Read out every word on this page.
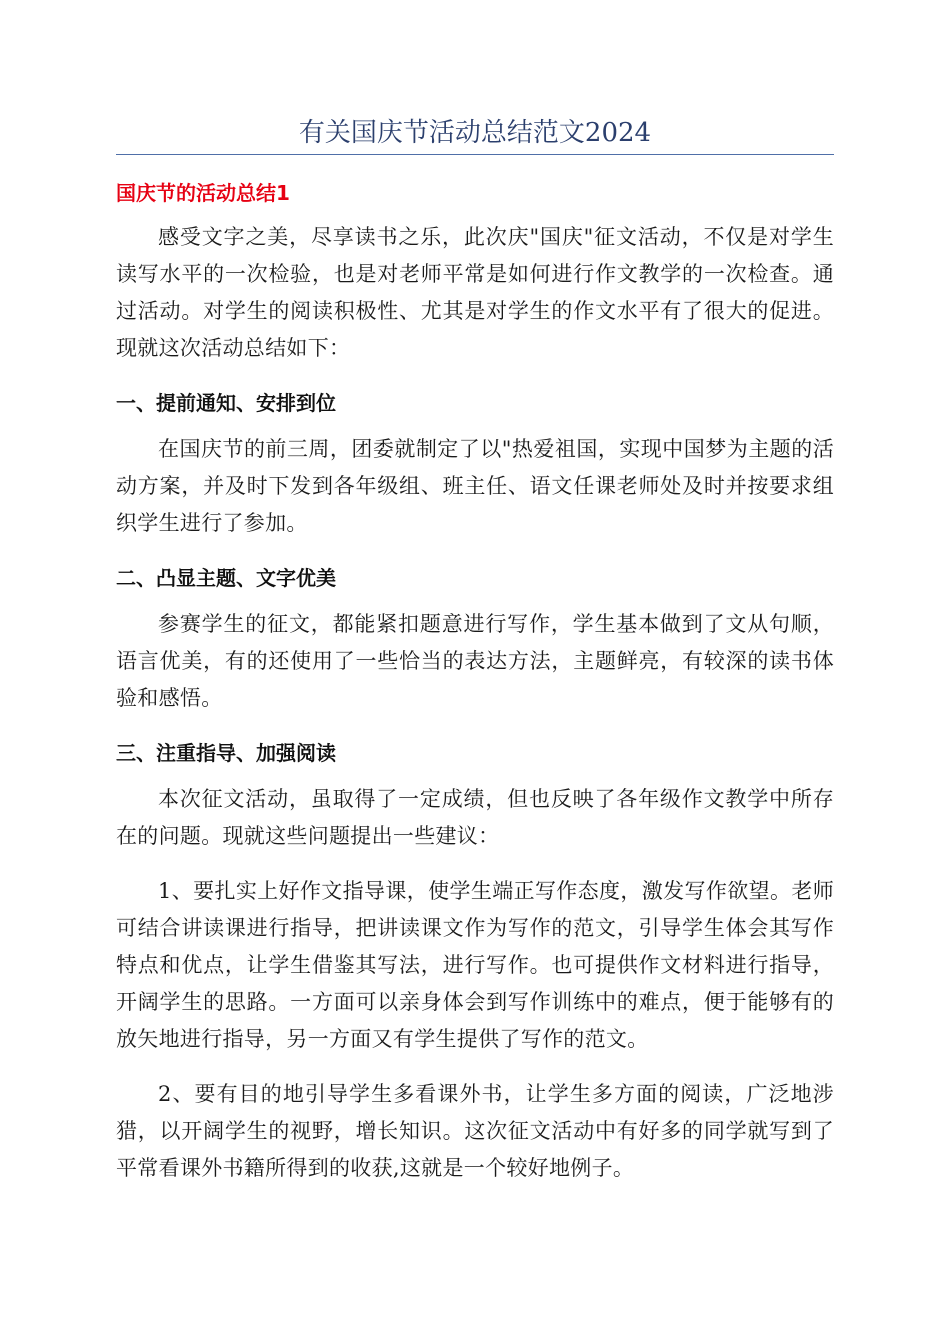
有关国庆节活动总结范文2024
国庆节的活动总结1

感受文字之美，尽享读书之乐，此次庆"国庆"征文活动，不仅是对学生读写水平的一次检验，也是对老师平常是如何进行作文教学的一次检查。通过活动。对学生的阅读积极性、尤其是对学生的作文水平有了很大的促进。现就这次活动总结如下：

一、提前通知、安排到位

在国庆节的前三周，团委就制定了以"热爱祖国，实现中国梦为主题的活动方案，并及时下发到各年级组、班主任、语文任课老师处及时并按要求组织学生进行了参加。

二、凸显主题、文字优美

参赛学生的征文，都能紧扣题意进行写作，学生基本做到了文从句顺，语言优美，有的还使用了一些恰当的表达方法，主题鲜亮，有较深的读书体验和感悟。

三、注重指导、加强阅读

本次征文活动，虽取得了一定成绩，但也反映了各年级作文教学中所存在的问题。现就这些问题提出一些建议：

1、要扎实上好作文指导课，使学生端正写作态度，激发写作欲望。老师可结合讲读课进行指导，把讲读课文作为写作的范文，引导学生体会其写作特点和优点，让学生借鉴其写法，进行写作。也可提供作文材料进行指导，开阔学生的思路。一方面可以亲身体会到写作训练中的难点，便于能够有的放矢地进行指导，另一方面又有学生提供了写作的范文。

2、要有目的地引导学生多看课外书，让学生多方面的阅读，广泛地涉猎，以开阔学生的视野，增长知识。这次征文活动中有好多的同学就写到了平常看课外书籍所得到的收获,这就是一个较好地例子。
